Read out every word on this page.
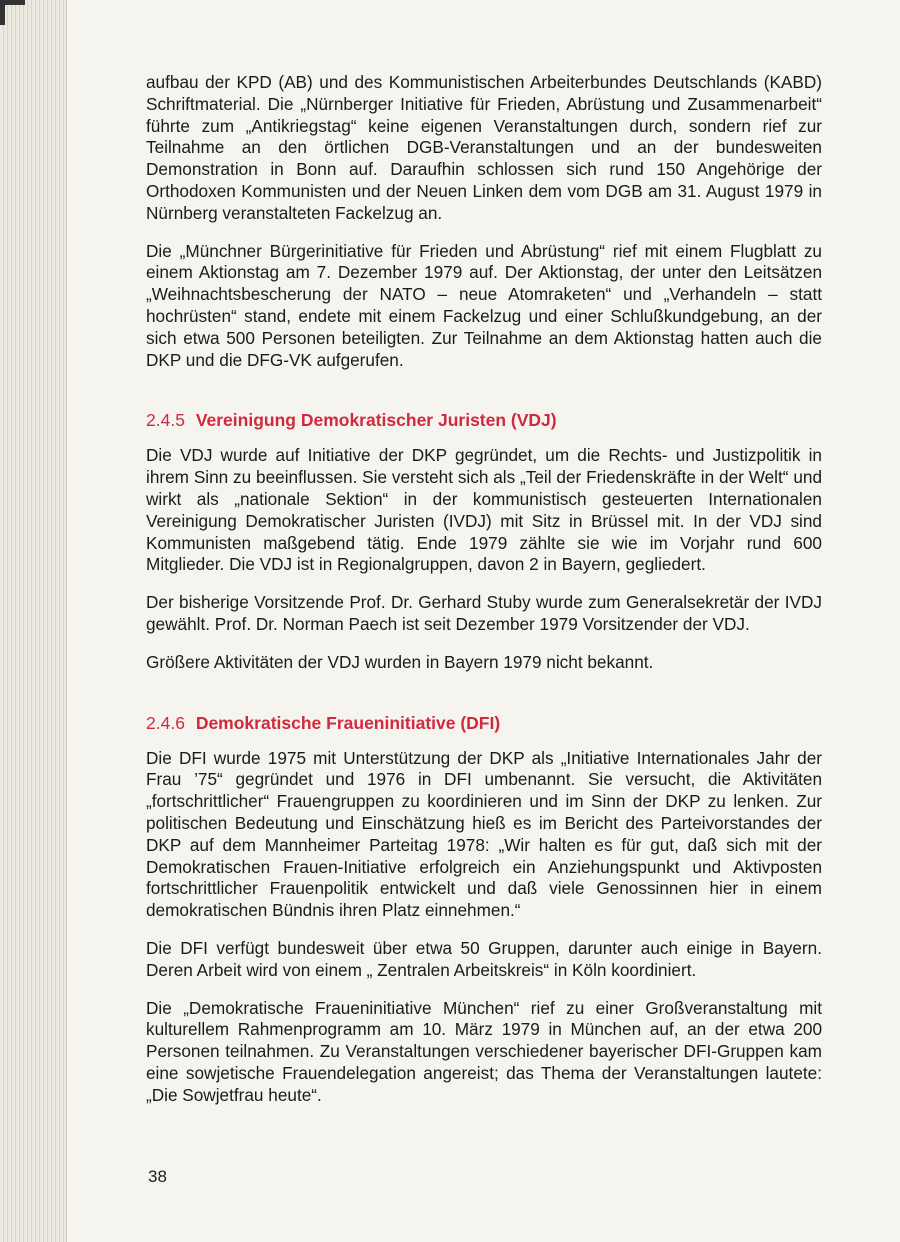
aufbau der KPD (AB) und des Kommunistischen Arbeiterbundes Deutschlands (KABD) Schriftmaterial. Die „Nürnberger Initiative für Frieden, Abrüstung und Zusammenarbeit“ führte zum „Antikriegstag“ keine eigenen Veranstaltungen durch, sondern rief zur Teilnahme an den örtlichen DGB-Veranstaltungen und an der bundesweiten Demonstration in Bonn auf. Daraufhin schlossen sich rund 150 Angehörige der Orthodoxen Kommunisten und der Neuen Linken dem vom DGB am 31. August 1979 in Nürnberg veranstalteten Fackelzug an.

Die „Münchner Bürgerinitiative für Frieden und Abrüstung“ rief mit einem Flugblatt zu einem Aktionstag am 7. Dezember 1979 auf. Der Aktionstag, der unter den Leitsätzen „Weihnachtsbescherung der NATO – neue Atomraketen“ und „Verhandeln – statt hochrüsten“ stand, endete mit einem Fackelzug und einer Schlußkundgebung, an der sich etwa 500 Personen beteiligten. Zur Teilnahme an dem Aktionstag hatten auch die DKP und die DFG-VK aufgerufen.

2.4.5 Vereinigung Demokratischer Juristen (VDJ)

Die VDJ wurde auf Initiative der DKP gegründet, um die Rechts- und Justizpolitik in ihrem Sinn zu beeinflussen. Sie versteht sich als „Teil der Friedenskräfte in der Welt“ und wirkt als „nationale Sektion“ in der kommunistisch gesteuerten Internationalen Vereinigung Demokratischer Juristen (IVDJ) mit Sitz in Brüssel mit. In der VDJ sind Kommunisten maßgebend tätig. Ende 1979 zählte sie wie im Vorjahr rund 600 Mitglieder. Die VDJ ist in Regionalgruppen, davon 2 in Bayern, gegliedert.

Der bisherige Vorsitzende Prof. Dr. Gerhard Stuby wurde zum Generalsekretär der IVDJ gewählt. Prof. Dr. Norman Paech ist seit Dezember 1979 Vorsitzender der VDJ.

Größere Aktivitäten der VDJ wurden in Bayern 1979 nicht bekannt.

2.4.6 Demokratische Fraueninitiative (DFI)

Die DFI wurde 1975 mit Unterstützung der DKP als „Initiative Internationales Jahr der Frau ’75“ gegründet und 1976 in DFI umbenannt. Sie versucht, die Aktivitäten „fortschrittlicher“ Frauengruppen zu koordinieren und im Sinn der DKP zu lenken. Zur politischen Bedeutung und Einschätzung hieß es im Bericht des Parteivorstandes der DKP auf dem Mannheimer Parteitag 1978: „Wir halten es für gut, daß sich mit der Demokratischen Frauen-Initiative erfolgreich ein Anziehungspunkt und Aktivposten fortschrittlicher Frauenpolitik entwickelt und daß viele Genossinnen hier in einem demokratischen Bündnis ihren Platz einnehmen.“

Die DFI verfügt bundesweit über etwa 50 Gruppen, darunter auch einige in Bayern. Deren Arbeit wird von einem „ Zentralen Arbeitskreis“ in Köln koordiniert.

Die „Demokratische Fraueninitiative München“ rief zu einer Großveranstaltung mit kulturellem Rahmenprogramm am 10. März 1979 in München auf, an der etwa 200 Personen teilnahmen. Zu Veranstaltungen verschiedener bayerischer DFI-Gruppen kam eine sowjetische Frauendelegation angereist; das Thema der Veranstaltungen lautete: „Die Sowjetfrau heute“.

38
